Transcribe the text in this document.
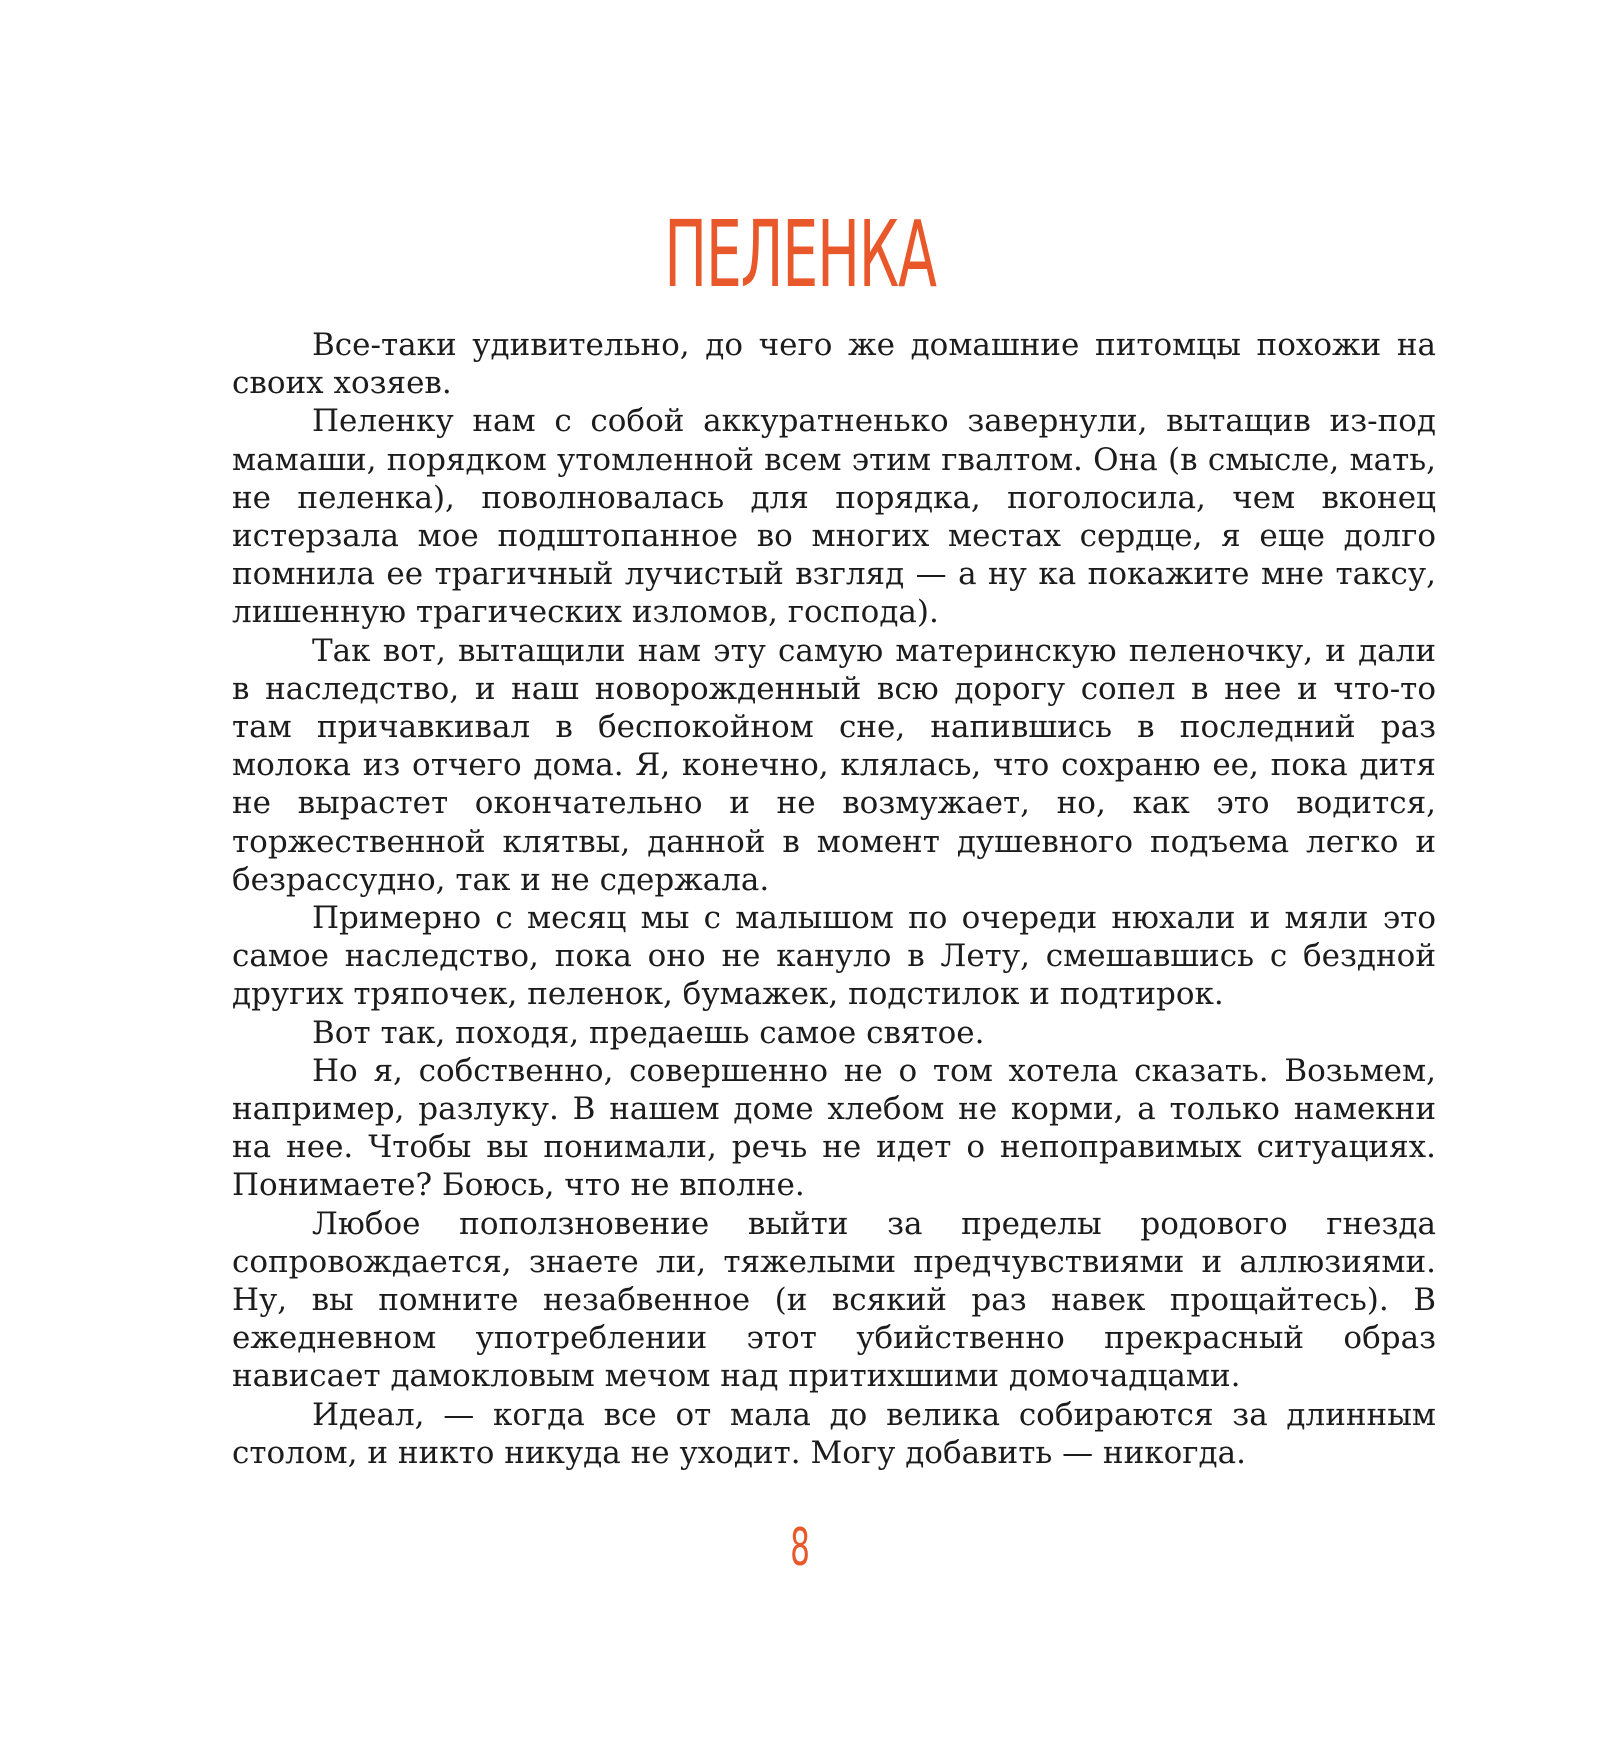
ПЕЛЕНКА

Все-таки удивительно, до чего же домашние питомцы похожи на своих хозяев.

Пеленку нам с собой аккуратненько завернули, вытащив из-под мамаши, порядком утомленной всем этим гвалтом. Она (в смысле, мать, не пеленка), поволновалась для порядка, поголосила, чем вконец истерзала мое подштопанное во многих местах сердце, я еще долго помнила ее трагичный лучистый взгляд — а ну ка покажите мне таксу, лишенную трагических изломов, господа).

Так вот, вытащили нам эту самую материнскую пеленочку, и дали в наследство, и наш новорожденный всю дорогу сопел в нее и что-то там причавкивал в беспокойном сне, напившись в последний раз молока из отчего дома. Я, конечно, клялась, что сохраню ее, пока дитя не вырастет окончательно и не возмужает, но, как это водится, торжественной клятвы, данной в момент душевного подъема легко и безрассудно, так и не сдержала.

Примерно с месяц мы с малышом по очереди нюхали и мяли это самое наследство, пока оно не кануло в Лету, смешавшись с бездной других тряпочек, пеленок, бумажек, подстилок и подтирок.

Вот так, походя, предаешь самое святое.

Но я, собственно, совершенно не о том хотела сказать. Возьмем, например, разлуку. В нашем доме хлебом не корми, а только намекни на нее. Чтобы вы понимали, речь не идет о непоправимых ситуациях. Понимаете? Боюсь, что не вполне.

Любое поползновение выйти за пределы родового гнезда сопровождается, знаете ли, тяжелыми предчувствиями и аллюзиями. Ну, вы помните незабвенное (и всякий раз навек прощайтесь). В ежедневном употреблении этот убийственно прекрасный образ нависает дамокловым мечом над притихшими домочадцами.

Идеал, — когда все от мала до велика собираются за длинным столом, и никто никуда не уходит. Могу добавить — никогда.

8
